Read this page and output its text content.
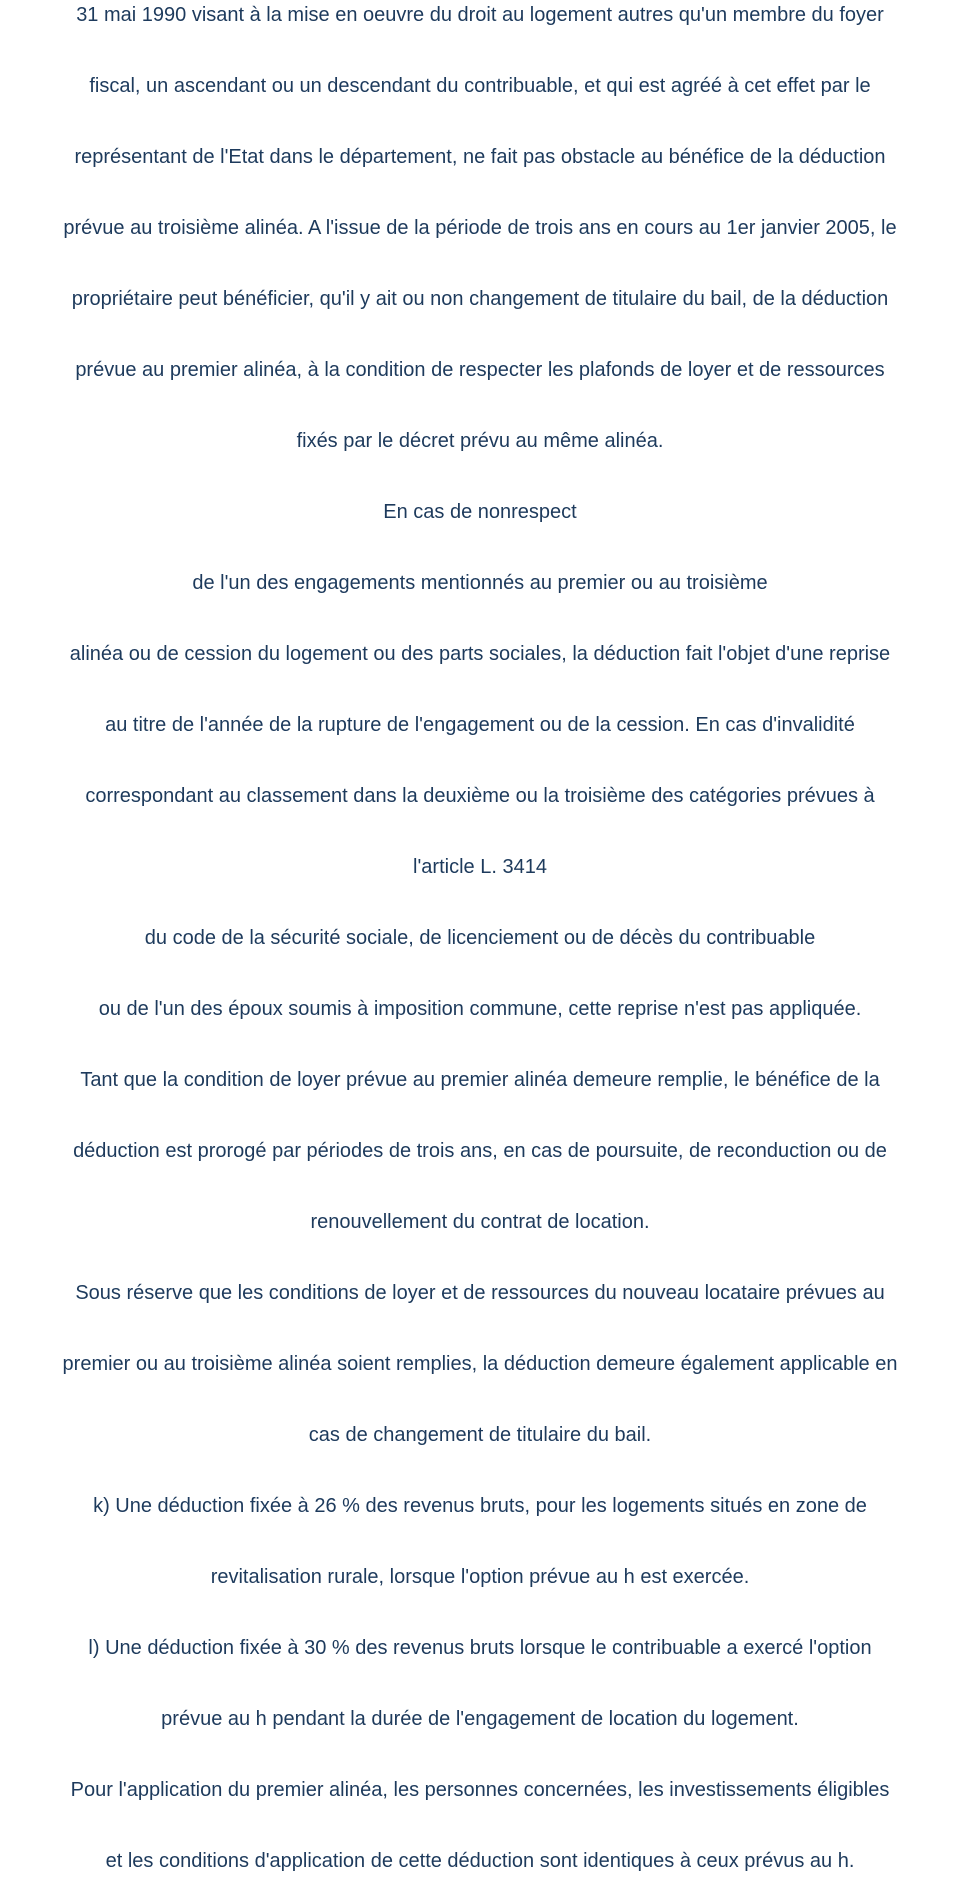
31 mai 1990 visant à la mise en oeuvre du droit au logement autres qu'un membre du foyer

fiscal, un ascendant ou un descendant du contribuable, et qui est agréé à cet effet par le

représentant de l'Etat dans le département, ne fait pas obstacle au bénéfice de la déduction

prévue au troisième alinéa. A l'issue de la période de trois ans en cours au 1er janvier 2005, le

propriétaire peut bénéficier, qu'il y ait ou non changement de titulaire du bail, de la déduction

prévue au premier alinéa, à la condition de respecter les plafonds de loyer et de ressources

fixés par le décret prévu au même alinéa.

En cas de nonrespect

de l'un des engagements mentionnés au premier ou au troisième

alinéa ou de cession du logement ou des parts sociales, la déduction fait l'objet d'une reprise

au titre de l'année de la rupture de l'engagement ou de la cession. En cas d'invalidité

correspondant au classement dans la deuxième ou la troisième des catégories prévues à

l'article L. 3414

du code de la sécurité sociale, de licenciement ou de décès du contribuable

ou de l'un des époux soumis à imposition commune, cette reprise n'est pas appliquée.

Tant que la condition de loyer prévue au premier alinéa demeure remplie, le bénéfice de la

déduction est prorogé par périodes de trois ans, en cas de poursuite, de reconduction ou de

renouvellement du contrat de location.

Sous réserve que les conditions de loyer et de ressources du nouveau locataire prévues au

premier ou au troisième alinéa soient remplies, la déduction demeure également applicable en

cas de changement de titulaire du bail.

k) Une déduction fixée à 26 % des revenus bruts, pour les logements situés en zone de

revitalisation rurale, lorsque l'option prévue au h est exercée.

l) Une déduction fixée à 30 % des revenus bruts lorsque le contribuable a exercé l'option

prévue au h pendant la durée de l'engagement de location du logement.

Pour l'application du premier alinéa, les personnes concernées, les investissements éligibles

et les conditions d'application de cette déduction sont identiques à ceux prévus au h.
